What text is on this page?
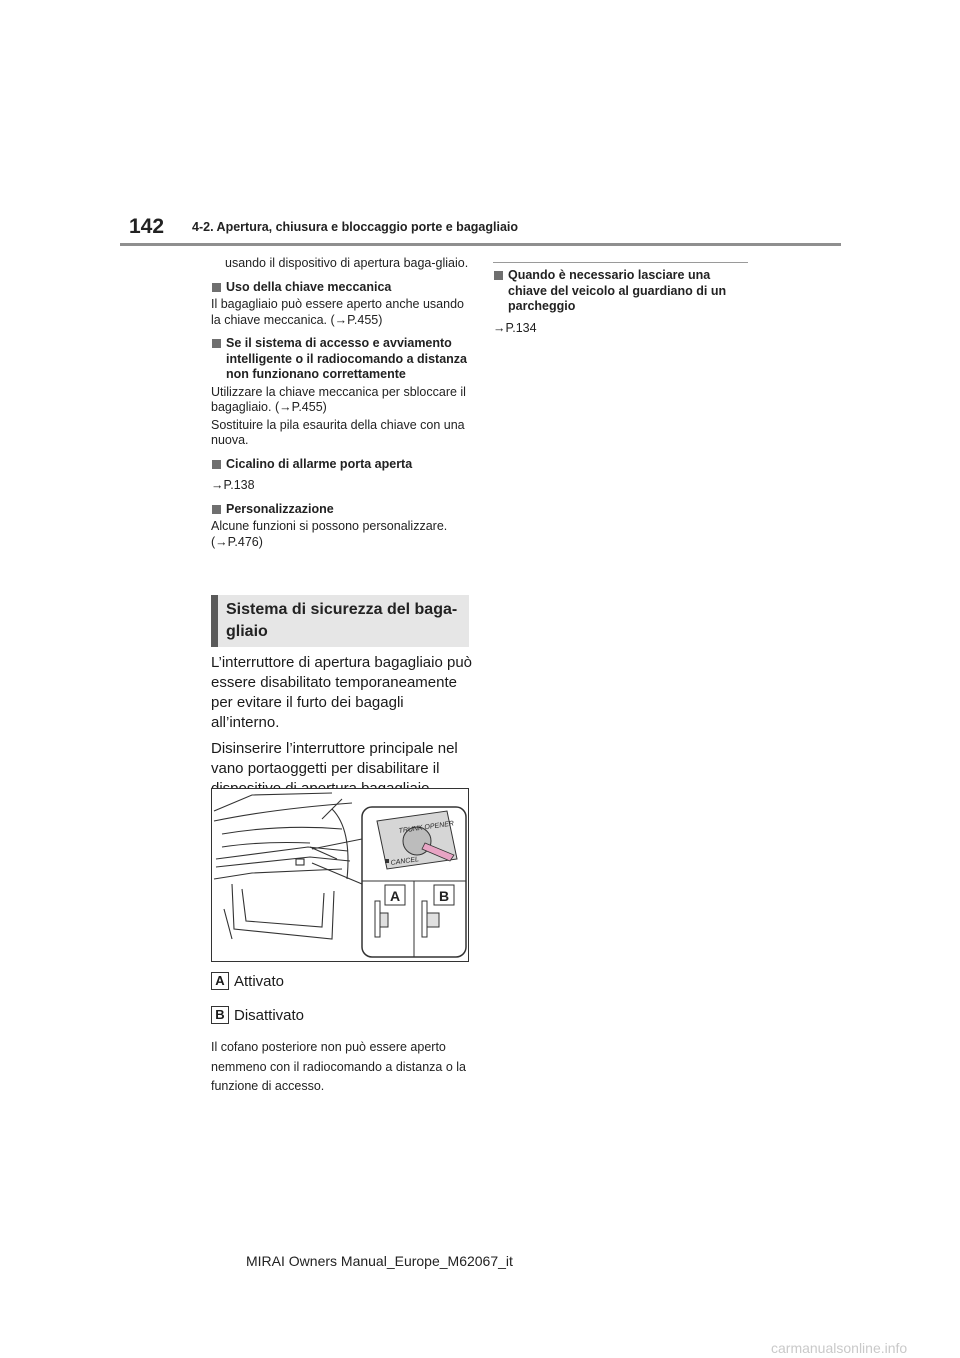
142 4-2. Apertura, chiusura e bloccaggio porte e bagagliaio

usando il dispositivo di apertura baga-gliaio.

Uso della chiave meccanica

Il bagagliaio può essere aperto anche usando la chiave meccanica. (→P.455)

Se il sistema di accesso e avviamento intelligente o il radiocomando a distanza non funzionano correttamente

Utilizzare la chiave meccanica per sbloccare il bagagliaio. (→P.455)

Sostituire la pila esaurita della chiave con una nuova.

Cicalino di allarme porta aperta

→P.138

Personalizzazione

Alcune funzioni si possono personalizzare. (→P.476)

Quando è necessario lasciare una chiave del veicolo al guardiano di un parcheggio

→P.134

Sistema di sicurezza del baga-gliaio

L’interruttore di apertura bagagliaio può essere disabilitato temporaneamente per evitare il furto dei bagagli all’interno.

Disinserire l’interruttore principale nel vano portaoggetti per disabilitare il

TRUNK OPENER
CANCEL
A	B
A Attivato
B Disattivato
Il cofano posteriore non può essere aperto nemmeno con il radiocomando a distanza o la funzione di accesso.
MIRAI Owners Manual_Europe_M62067_it
carmanualsonline.info
